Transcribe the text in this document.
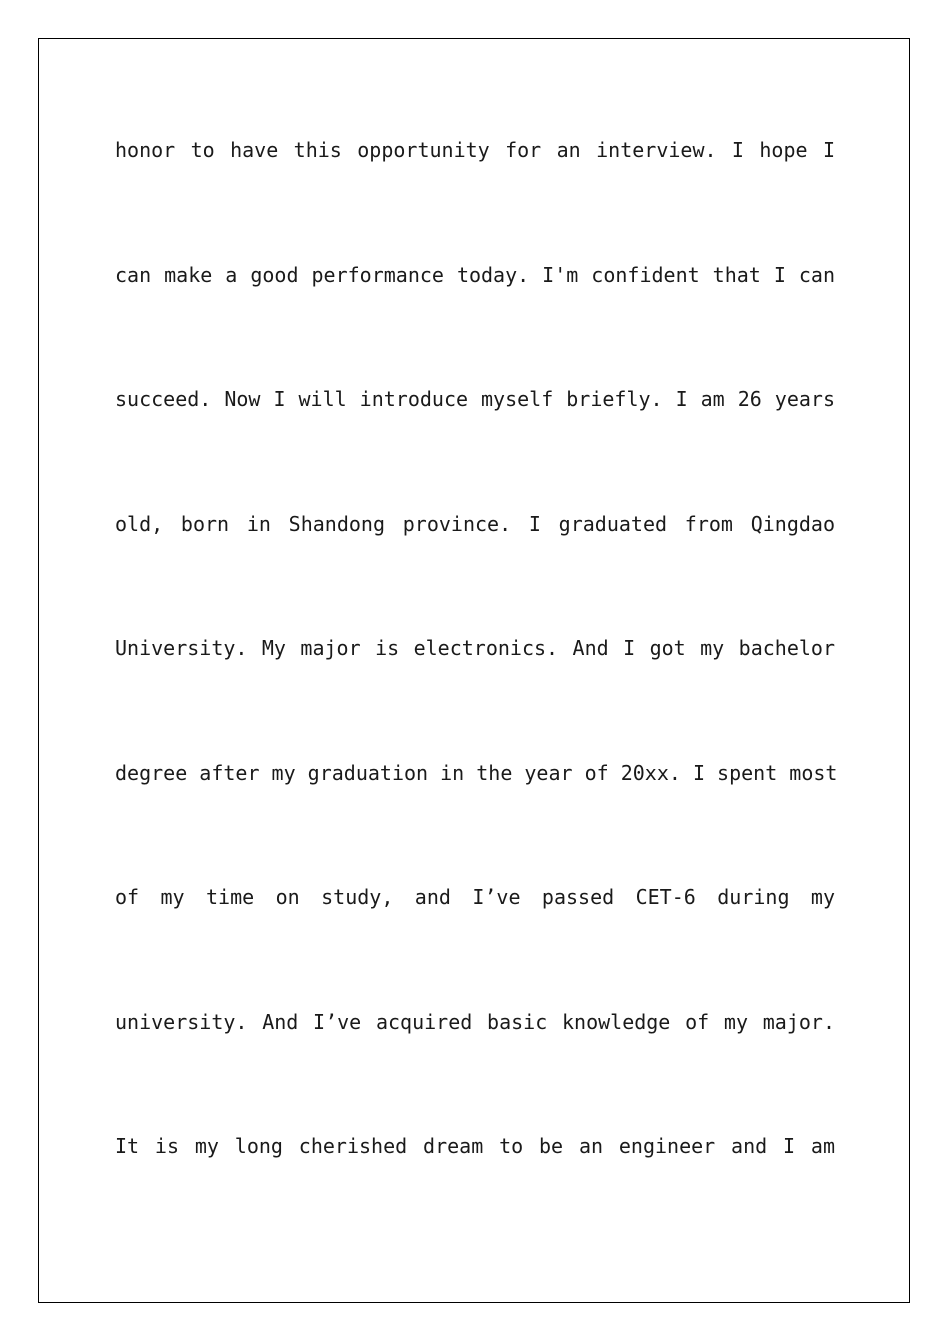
honor to have this opportunity for an interview. I hope I
can make a good performance today. I'm confident that I can
succeed. Now I will introduce myself briefly. I am 26 years
old, born in Shandong province. I graduated from Qingdao
University. My major is electronics. And I got my bachelor
degree after my graduation in the year of 20xx. I spent most
of my time on study, and I’ve passed CET-6 during my
university. And I’ve acquired basic knowledge of my major.
It is my long cherished dream to be an engineer and I am
